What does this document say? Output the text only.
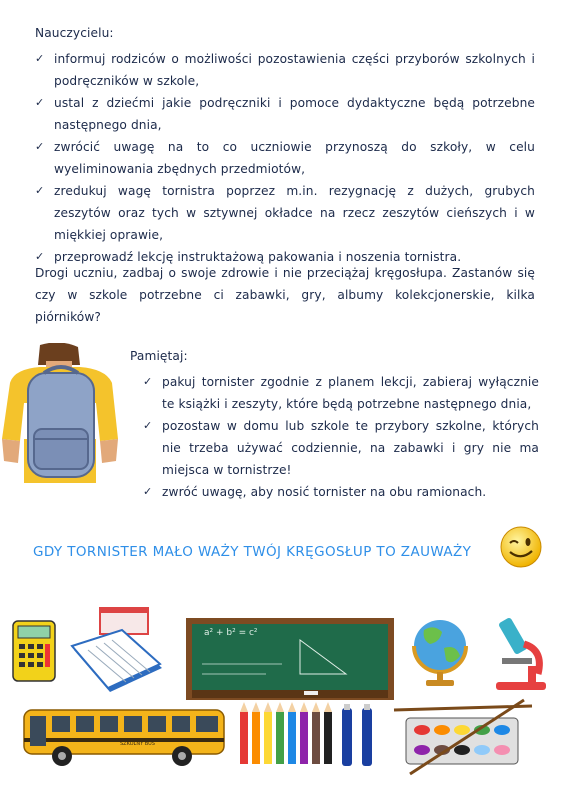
Nauczycielu:
✓ informuj rodziców o możliwości pozostawienia części przyborów szkolnych i podręczników w szkole,
✓ ustal z dziećmi jakie podręczniki i pomoce dydaktyczne będą potrzebne następnego dnia,
✓ zwrócić uwagę na to co uczniowie przynoszą do szkoły, w celu wyeliminowania zbędnych przedmiotów,
✓ zredukuj wagę tornistra poprzez m.in. rezygnację z dużych, grubych zeszytów oraz tych w sztywnej okładce na rzecz zeszytów cieńszych i w miękkiej oprawie,
✓ przeprowadź lekcję instruktażową pakowania i noszenia tornistra.
Drogi uczniu, zadbaj o swoje zdrowie i nie przeciążaj kręgosłupa. Zastanów się czy w szkole potrzebne ci zabawki, gry, albumy kolekcjonerskie, kilka piórników?
Pamiętaj:
✓ pakuj tornister zgodnie z planem lekcji, zabieraj wyłącznie te książki i zeszyty, które będą potrzebne następnego dnia,
✓ pozostaw w domu lub szkole te przybory szkolne, których nie trzeba używać codziennie, na zabawki i gry nie ma miejsca w tornistrze!
✓ zwróć uwagę, aby nosić tornister na obu ramionach.
GDY TORNISTER MAŁO WAŻY TWÓJ KRĘGOSŁUP TO ZAUWAŻY
a² + b² = c²
SZKOLNY BUS
